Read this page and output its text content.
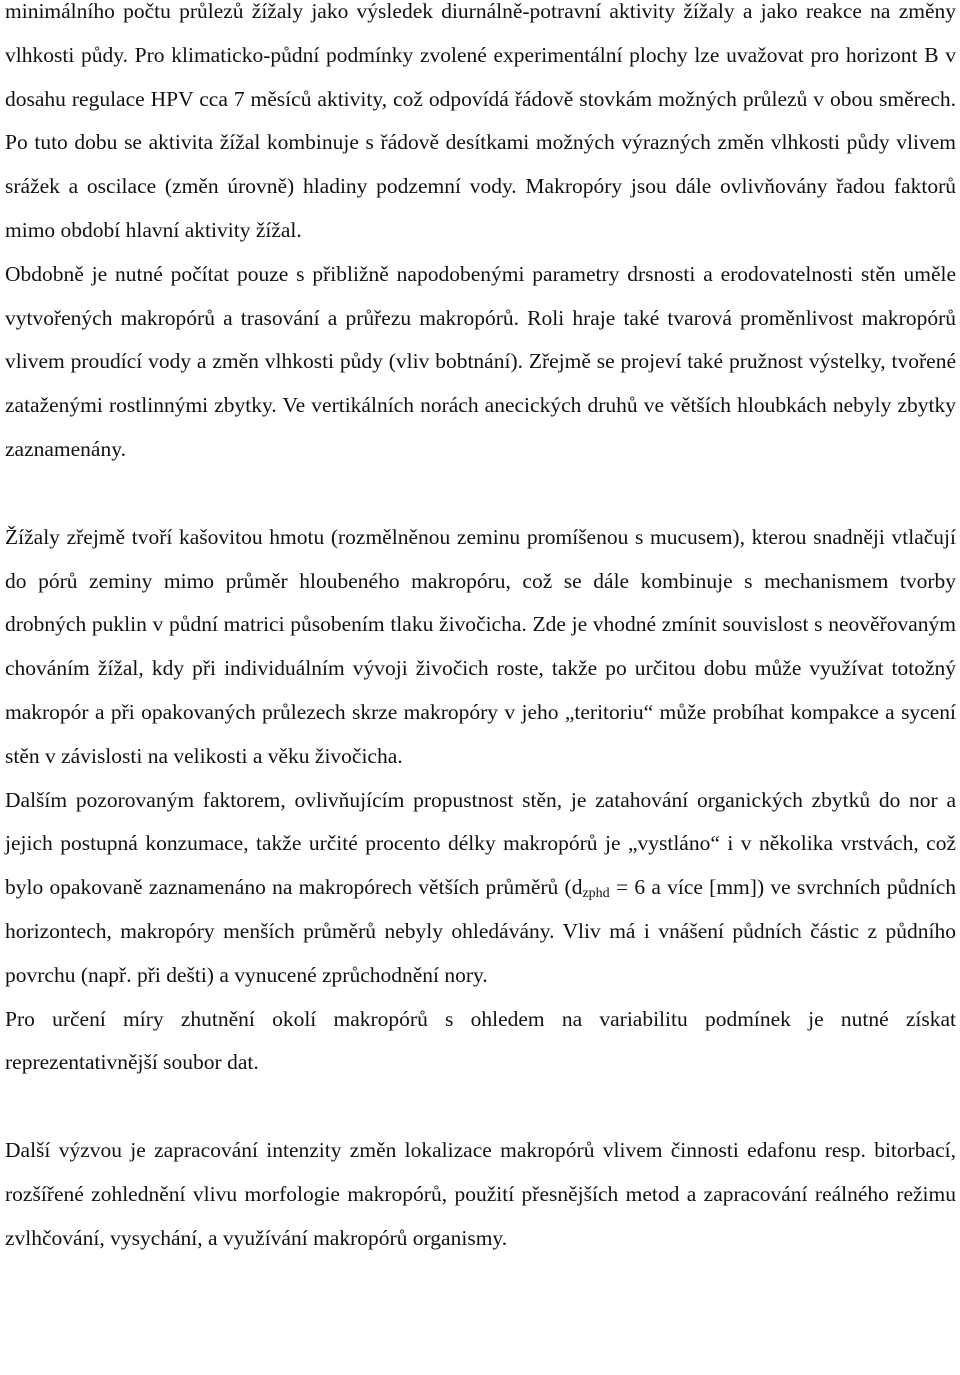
minimálního počtu průlezů žížaly jako výsledek diurnálně-potravní aktivity žížaly a jako reakce na změny vlhkosti půdy. Pro klimaticko-půdní podmínky zvolené experimentální plochy lze uvažovat pro horizont B v dosahu regulace HPV cca 7 měsíců aktivity, což odpovídá řádově stovkám možných průlezů v obou směrech. Po tuto dobu se aktivita žížal kombinuje s řádově desítkami možných výrazných změn vlhkosti půdy vlivem srážek a oscilace (změn úrovně) hladiny podzemní vody. Makropóry jsou dále ovlivňovány řadou faktorů mimo období hlavní aktivity žížal.

Obdobně je nutné počítat pouze s přibližně napodobenými parametry drsnosti a erodovatelnosti stěn uměle vytvořených makropórů a trasování a průřezu makropórů. Roli hraje také tvarová proměnlivost makropórů vlivem proudící vody a změn vlhkosti půdy (vliv bobtnání). Zřejmě se projeví také pružnost výstelky, tvořené zataženými rostlinnými zbytky. Ve vertikálních norách anecických druhů ve větších hloubkách nebyly zbytky zaznamenány.

Žížaly zřejmě tvoří kašovitou hmotu (rozmělněnou zeminu promíšenou s mucusem), kterou snadněji vtlačují do pórů zeminy mimo průměr hloubeného makropóru, což se dále kombinuje s mechanismem tvorby drobných puklin v půdní matrici působením tlaku živočicha. Zde je vhodné zmínit souvislost s neověřovaným chováním žížal, kdy při individuálním vývoji živočich roste, takže po určitou dobu může využívat totožný makropór a při opakovaných průlezech skrze makropóry v jeho „teritoriu“ může probíhat kompakce a sycení stěn v závislosti na velikosti a věku živočicha.

Dalším pozorovaným faktorem, ovlivňujícím propustnost stěn, je zatahování organických zbytků do nor a jejich postupná konzumace, takže určité procento délky makropórů je „vystláno“ i v několika vrstvách, což bylo opakovaně zaznamenáno na makropórech větších průměrů ($d_{zphd} = 6$ a více [mm]) ve svrchních půdních horizontech, makropóry menších průměrů nebyly ohledávány. Vliv má i vnášení půdních částic z půdního povrchu (např. při dešti) a vynucené zprůchodnění nory.

Pro určení míry zhutnění okolí makropórů s ohledem na variabilitu podmínek je nutné získat reprezentativnější soubor dat.

Další výzvou je zapracování intenzity změn lokalizace makropórů vlivem činnosti edafonu resp. bitorbací, rozšířené zohlednění vlivu morfologie makropórů, použití přesnějších metod a zapracování reálného režimu zvlhčování, vysychání, a využívání makropórů organismy.
